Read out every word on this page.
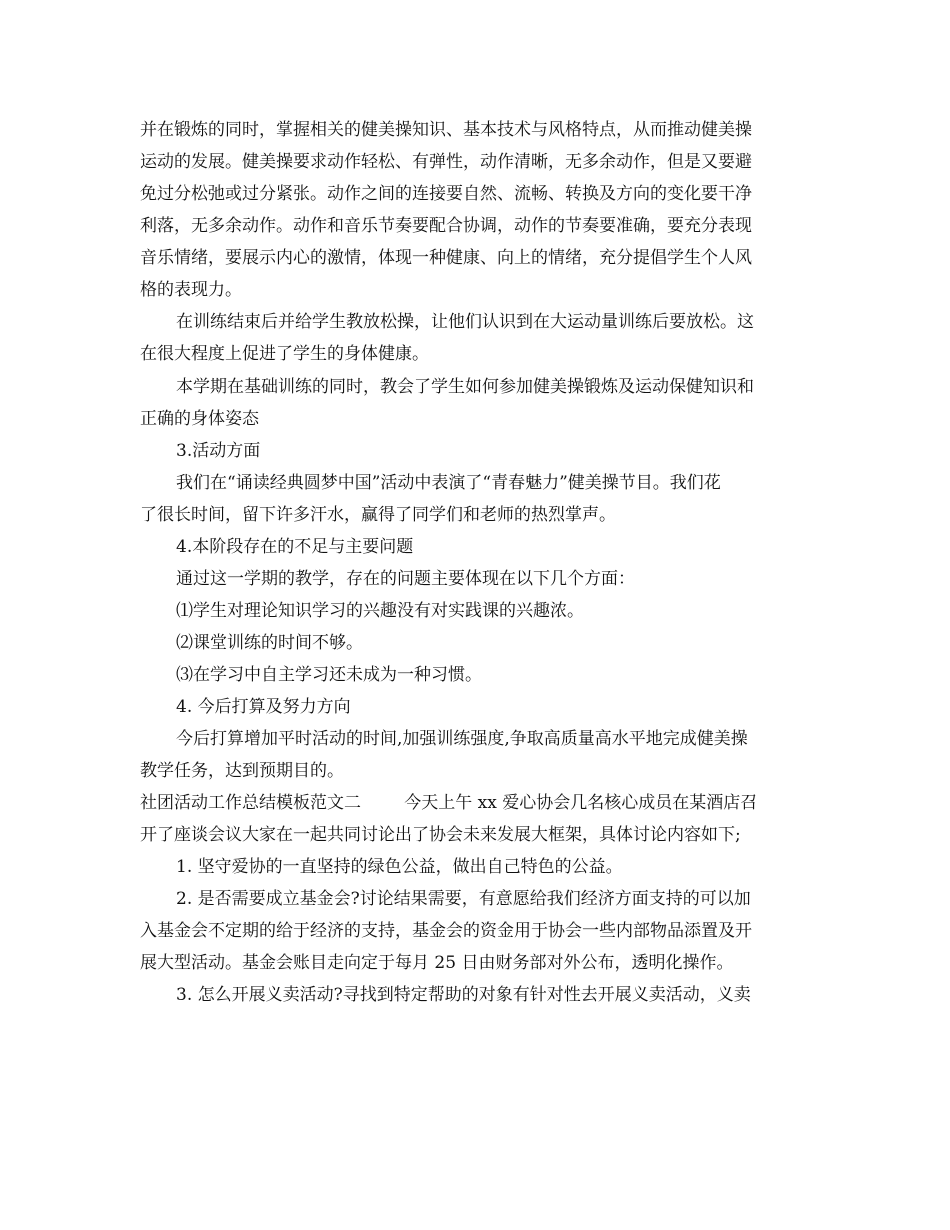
并在锻炼的同时，掌握相关的健美操知识、基本技术与风格特点，从而推动健美操

运动的发展。健美操要求动作轻松、有弹性，动作清晰，无多余动作，但是又要避

免过分松弛或过分紧张。动作之间的连接要自然、流畅、转换及方向的变化要干净

利落，无多余动作。动作和音乐节奏要配合协调，动作的节奏要准确，要充分表现

音乐情绪，要展示内心的激情，体现一种健康、向上的情绪，充分提倡学生个人风

格的表现力。

在训练结束后并给学生教放松操，让他们认识到在大运动量训练后要放松。这

在很大程度上促进了学生的身体健康。

本学期在基础训练的同时，教会了学生如何参加健美操锻炼及运动保健知识和

正确的身体姿态

3.活动方面

我们在“诵读经典圆梦中国”活动中表演了“青春魅力”健美操节目。我们花

了很长时间，留下许多汗水，赢得了同学们和老师的热烈掌声。

4.本阶段存在的不足与主要问题

通过这一学期的教学，存在的问题主要体现在以下几个方面：

⑴学生对理论知识学习的兴趣没有对实践课的兴趣浓。

⑵课堂训练的时间不够。

⑶在学习中自主学习还未成为一种习惯。

4. 今后打算及努力方向

今后打算增加平时活动的时间,加强训练强度,争取高质量高水平地完成健美操

教学任务，达到预期目的。

社团活动工作总结模板范文二        今天上午 xx 爱心协会几名核心成员在某酒店召

开了座谈会议大家在一起共同讨论出了协会未来发展大框架，具体讨论内容如下;

1. 坚守爱协的一直坚持的绿色公益，做出自己特色的公益。

2. 是否需要成立基金会?讨论结果需要，有意愿给我们经济方面支持的可以加

入基金会不定期的给于经济的支持，基金会的资金用于协会一些内部物品添置及开

展大型活动。基金会账目走向定于每月 25 日由财务部对外公布，透明化操作。

3. 怎么开展义卖活动?寻找到特定帮助的对象有针对性去开展义卖活动，义卖
